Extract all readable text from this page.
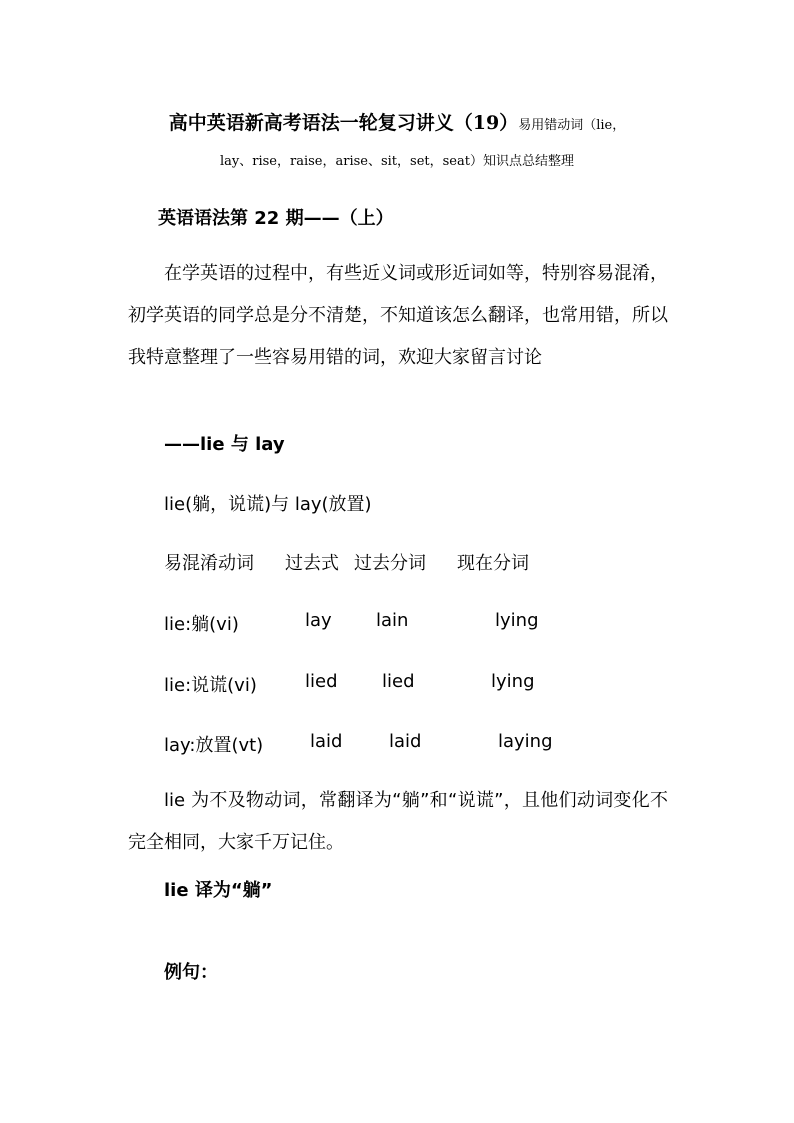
高中英语新高考语法一轮复习讲义（19）易用错动词（lie，
lay、rise，raise，arise、sit，set，seat）知识点总结整理
英语语法第 22 期——（上）
在学英语的过程中，有些近义词或形近词如等，特别容易混淆，初学英语的同学总是分不清楚，不知道该怎么翻译，也常用错，所以我特意整理了一些容易用错的词，欢迎大家留言讨论
——lie 与 lay
lie(躺，说谎)与 lay(放置)
易混淆动词 过去式 过去分词 现在分词
lie:躺(vi)	lay lain	lying
lie:说谎(vi)	lied lied	lying
lay:放置(vt)	laid	laid	laying
lie 为不及物动词，常翻译为“躺”和“说谎”，且他们动词变化不完全相同，大家千万记住。
lie 译为“躺”
例句：
